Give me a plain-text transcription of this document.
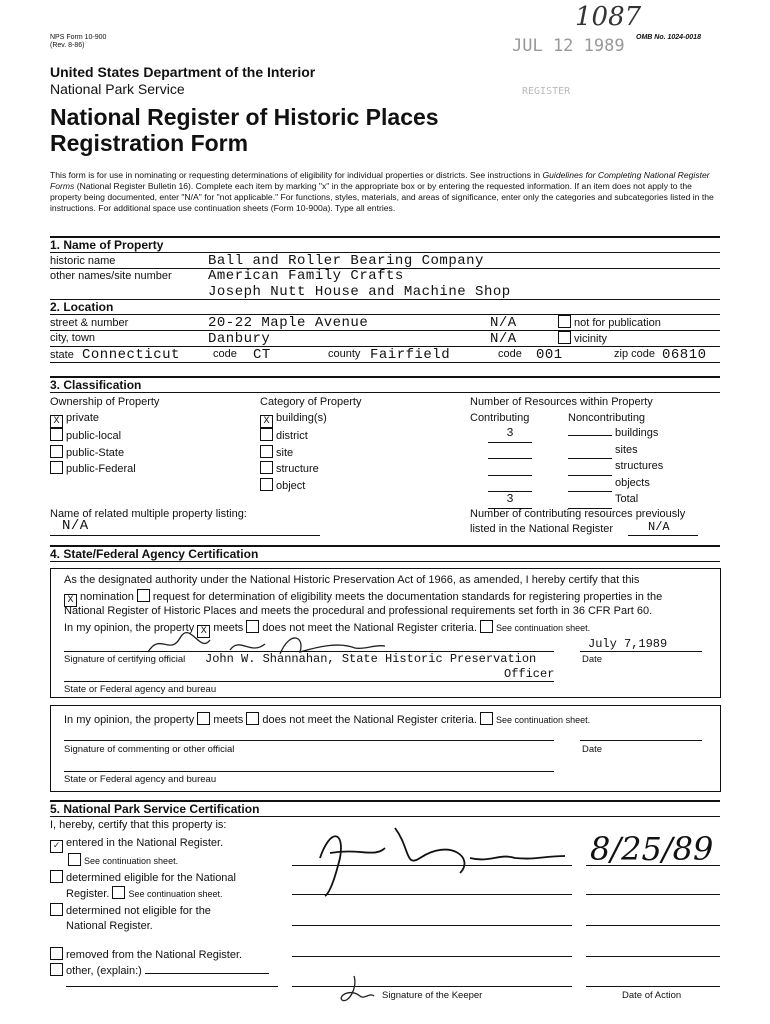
NPS Form 10-900
(Rev. 8-86)
OMB No. 1024-0018
1087
JUL 12 1989
REGISTER
United States Department of the Interior
National Park Service
National Register of Historic Places
Registration Form
This form is for use in nominating or requesting determinations of eligibility for individual properties or districts. See instructions in Guidelines for Completing National Register Forms (National Register Bulletin 16). Complete each item by marking "x" in the appropriate box or by entering the requested information. If an item does not apply to the property being documented, enter "N/A" for "not applicable." For functions, styles, materials, and areas of significance, enter only the categories and subcategories listed in the instructions. For additional space use continuation sheets (Form 10-900a). Type all entries.
1. Name of Property
historic name	Ball and Roller Bearing Company
other names/site number	American Family Crafts
Joseph Nutt House and Machine Shop
2. Location
street & number	20-22 Maple Avenue	N/A	not for publication
city, town	Danbury	N/A	vicinity
state Connecticut	code CT	county Fairfield	code 001	zip code 06810
3. Classification
Ownership of Property
X private
public-local
public-State
public-Federal
Category of Property
X building(s)
district
site
structure
object
Number of Resources within Property
Contributing	Noncontributing
3	buildings
sites
structures
objects
3	Total
Name of related multiple property listing:
N/A
Number of contributing resources previously
listed in the National Register	N/A
4. State/Federal Agency Certification
As the designated authority under the National Historic Preservation Act of 1966, as amended, I hereby certify that this
X nomination request for determination of eligibility meets the documentation standards for registering properties in the
National Register of Historic Places and meets the procedural and professional requirements set forth in 36 CFR Part 60.
In my opinion, the property X meets does not meet the National Register criteria. See continuation sheet.
July 7,1989
Signature of certifying official John W. Shannahan, State Historic Preservation
Officer
Date
State or Federal agency and bureau
In my opinion, the property meets does not meet the National Register criteria. See continuation sheet.
Signature of commenting or other official	Date
State or Federal agency and bureau
5. National Park Service Certification
I, hereby, certify that this property is:
✓ entered in the National Register.
See continuation sheet.
determined eligible for the National
Register. See continuation sheet.
determined not eligible for the
National Register.
removed from the National Register.
other, (explain:)
8/25/89
Signature of the Keeper	Date of Action
